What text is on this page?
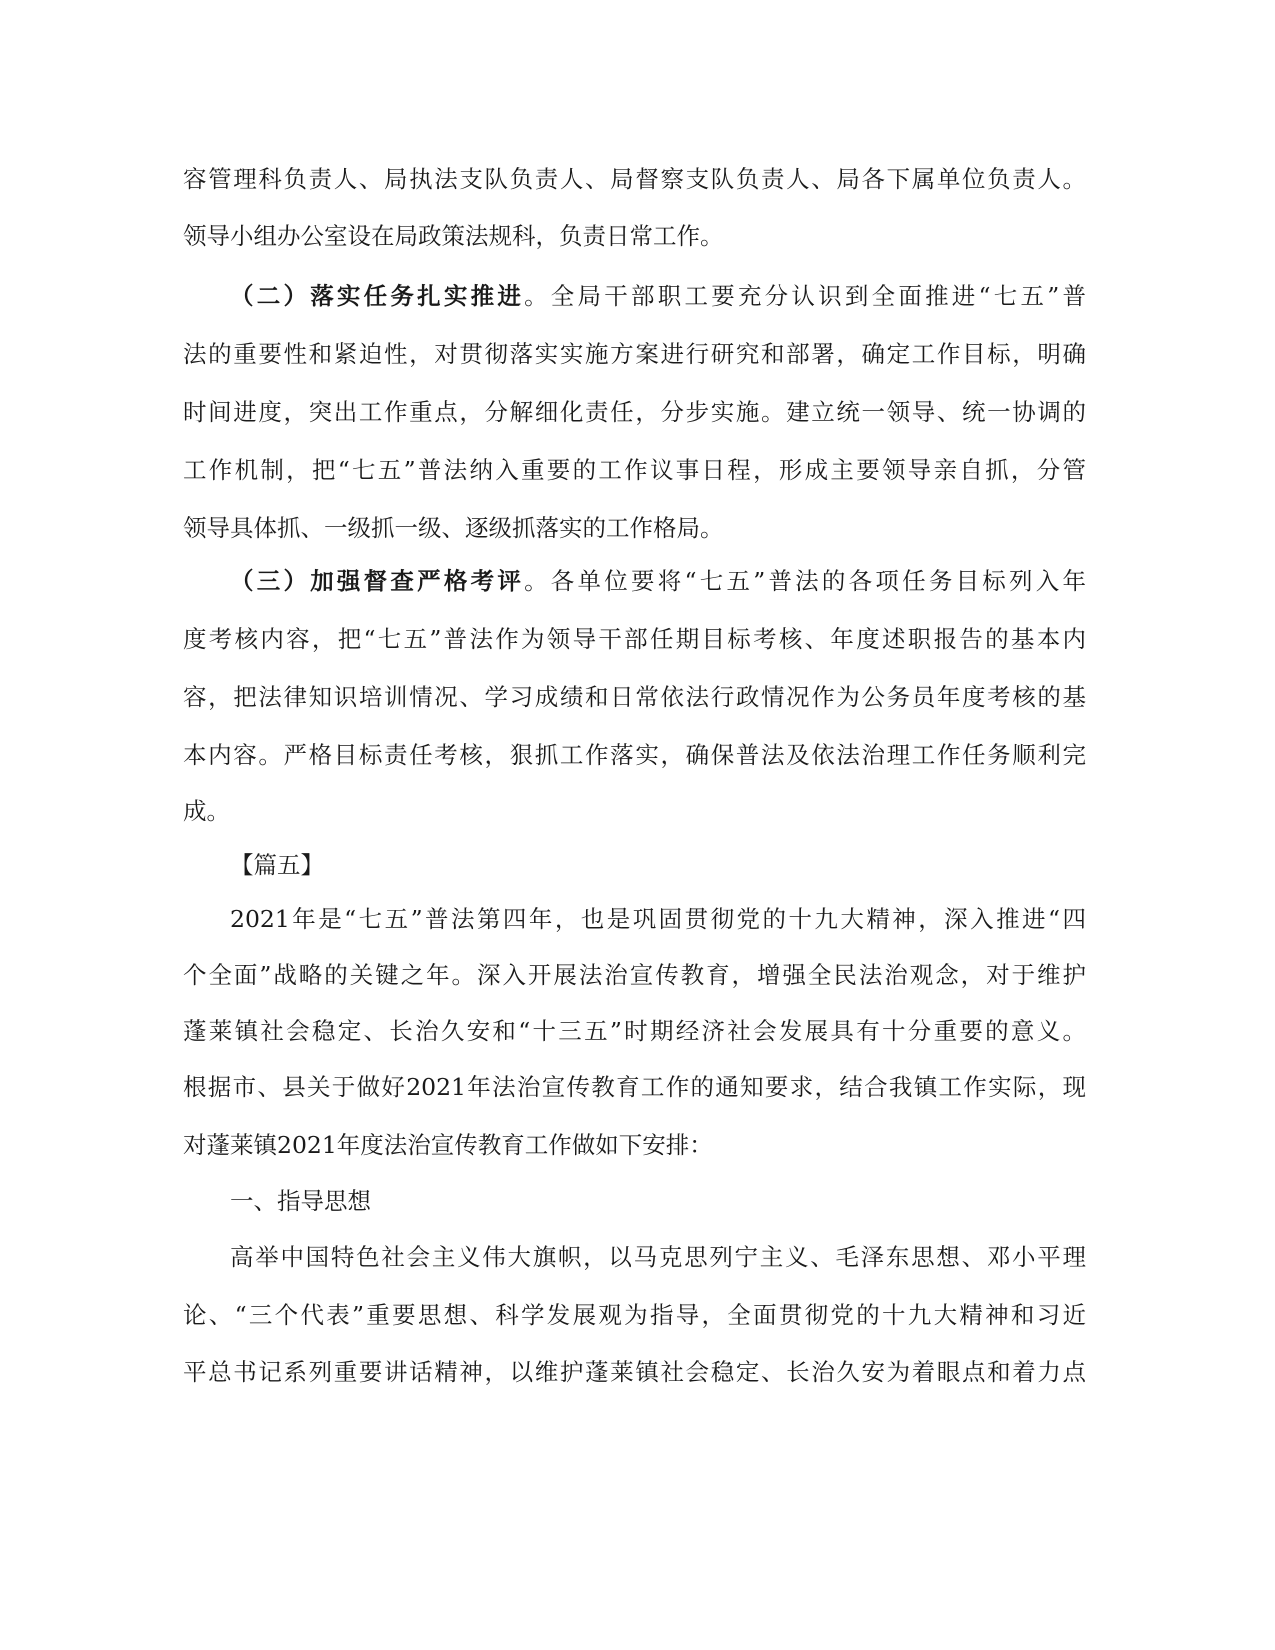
容管理科负责人、局执法支队负责人、局督察支队负责人、局各下属单位负责人。
领导小组办公室设在局政策法规科，负责日常工作。
（二）落实任务扎实推进。全局干部职工要充分认识到全面推进“七五”普
法的重要性和紧迫性，对贯彻落实实施方案进行研究和部署，确定工作目标，明确
时间进度，突出工作重点，分解细化责任，分步实施。建立统一领导、统一协调的
工作机制，把“七五”普法纳入重要的工作议事日程，形成主要领导亲自抓，分管
领导具体抓、一级抓一级、逐级抓落实的工作格局。
（三）加强督查严格考评。各单位要将“七五”普法的各项任务目标列入年
度考核内容，把“七五”普法作为领导干部任期目标考核、年度述职报告的基本内
容，把法律知识培训情况、学习成绩和日常依法行政情况作为公务员年度考核的基
本内容。严格目标责任考核，狠抓工作落实，确保普法及依法治理工作任务顺利完
成。
【篇五】
2021年是“七五”普法第四年，也是巩固贯彻党的十九大精神，深入推进“四
个全面”战略的关键之年。深入开展法治宣传教育，增强全民法治观念，对于维护
蓬莱镇社会稳定、长治久安和“十三五”时期经济社会发展具有十分重要的意义。
根据市、县关于做好2021年法治宣传教育工作的通知要求，结合我镇工作实际，现
对蓬莱镇2021年度法治宣传教育工作做如下安排：
一、指导思想
高举中国特色社会主义伟大旗帜，以马克思列宁主义、毛泽东思想、邓小平理
论、“三个代表”重要思想、科学发展观为指导，全面贯彻党的十九大精神和习近
平总书记系列重要讲话精神，以维护蓬莱镇社会稳定、长治久安为着眼点和着力点
